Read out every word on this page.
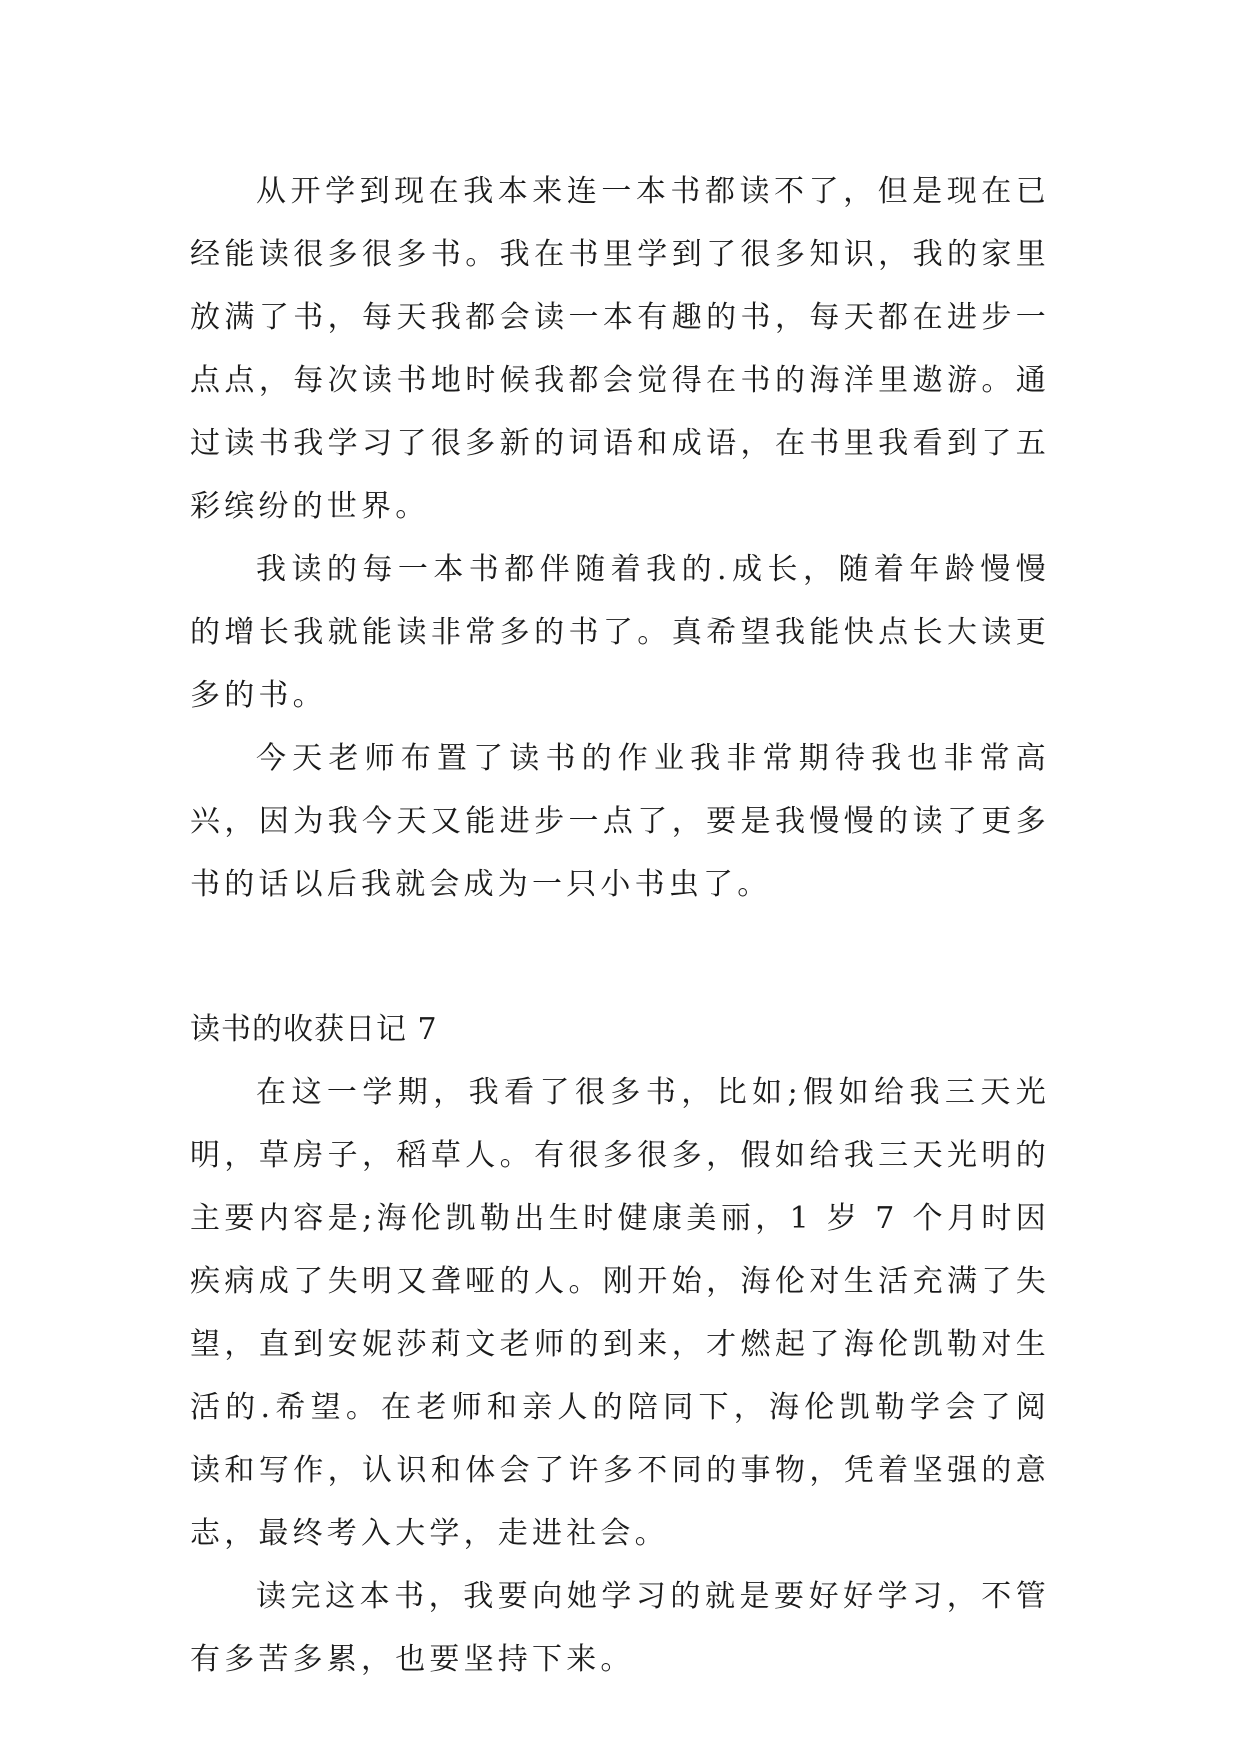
从开学到现在我本来连一本书都读不了，但是现在已经能读很多很多书。我在书里学到了很多知识，我的家里放满了书，每天我都会读一本有趣的书，每天都在进步一点点，每次读书地时候我都会觉得在书的海洋里遨游。通过读书我学习了很多新的词语和成语，在书里我看到了五彩缤纷的世界。

我读的每一本书都伴随着我的.成长，随着年龄慢慢的增长我就能读非常多的书了。真希望我能快点长大读更多的书。

今天老师布置了读书的作业我非常期待我也非常高兴，因为我今天又能进步一点了，要是我慢慢的读了更多书的话以后我就会成为一只小书虫了。

读书的收获日记 7

在这一学期，我看了很多书，比如;假如给我三天光明，草房子，稻草人。有很多很多，假如给我三天光明的主要内容是;海伦凯勒出生时健康美丽，1 岁 7 个月时因疾病成了失明又聋哑的人。刚开始，海伦对生活充满了失望，直到安妮莎莉文老师的到来，才燃起了海伦凯勒对生活的.希望。在老师和亲人的陪同下，海伦凯勒学会了阅读和写作，认识和体会了许多不同的事物，凭着坚强的意志，最终考入大学，走进社会。

读完这本书，我要向她学习的就是要好好学习，不管有多苦多累，也要坚持下来。
